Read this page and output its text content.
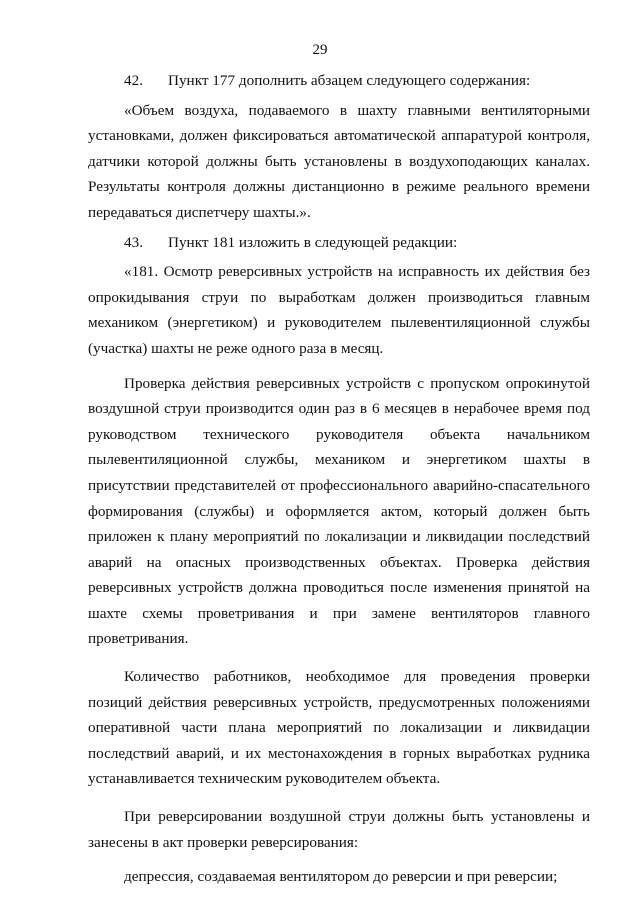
29

42. Пункт 177 дополнить абзацем следующего содержания:

«Объем воздуха, подаваемого в шахту главными вентиляторными установками, должен фиксироваться автоматической аппаратурой контроля, датчики которой должны быть установлены в воздухоподающих каналах. Результаты контроля должны дистанционно в режиме реального времени передаваться диспетчеру шахты.».

43. Пункт 181 изложить в следующей редакции:

«181. Осмотр реверсивных устройств на исправность их действия без опрокидывания струи по выработкам должен производиться главным механиком (энергетиком) и руководителем пылевентиляционной службы (участка) шахты не реже одного раза в месяц.

Проверка действия реверсивных устройств с пропуском опрокинутой воздушной струи производится один раз в 6 месяцев в нерабочее время под руководством технического руководителя объекта начальником пылевентиляционной службы, механиком и энергетиком шахты в присутствии представителей от профессионального аварийно-спасательного формирования (службы) и оформляется актом, который должен быть приложен к плану мероприятий по локализации и ликвидации последствий аварий на опасных производственных объектах. Проверка действия реверсивных устройств должна проводиться после изменения принятой на шахте схемы проветривания и при замене вентиляторов главного проветривания.

Количество работников, необходимое для проведения проверки позиций действия реверсивных устройств, предусмотренных положениями оперативной части плана мероприятий по локализации и ликвидации последствий аварий, и их местонахождения в горных выработках рудника устанавливается техническим руководителем объекта.

При реверсировании воздушной струи должны быть установлены и занесены в акт проверки реверсирования:

депрессия, создаваемая вентилятором до реверсии и при реверсии;
